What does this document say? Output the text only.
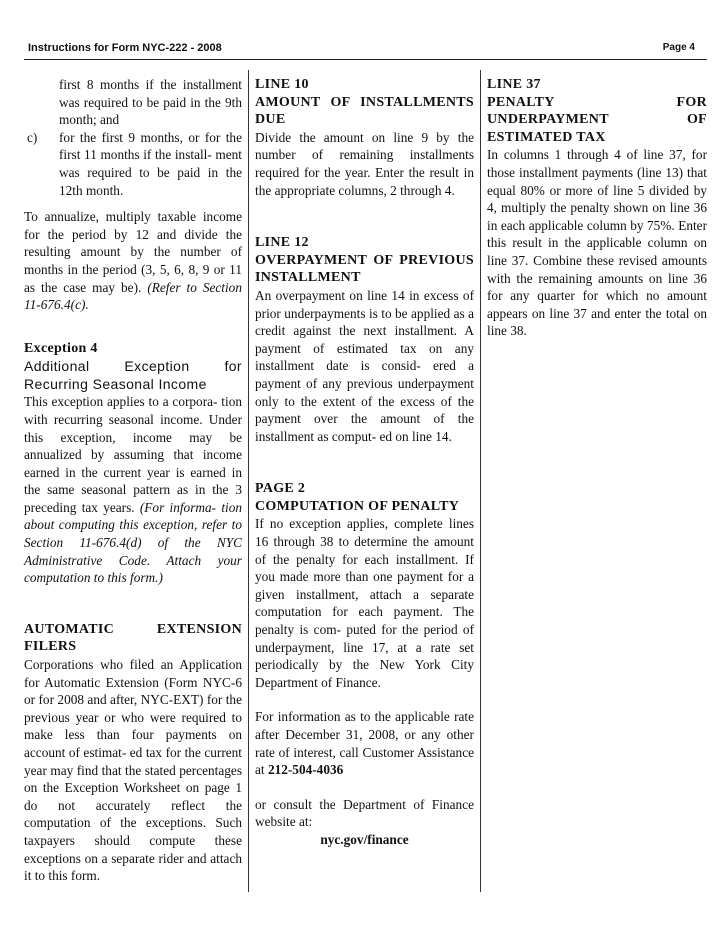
Instructions for Form NYC-222 - 2008	Page 4

first 8 months if the installment was required to be paid in the 9th month; and

c) for the first 9 months, or for the first 11 months if the install- ment was required to be paid in the 12th month.

To annualize, multiply taxable income for the period by 12 and divide the resulting amount by the number of months in the period (3, 5, 6, 8, 9 or 11 as the case may be). (Refer to Section 11-676.4(c).

Exception 4

Additional Exception for Recurring Seasonal Income

This exception applies to a corpora- tion with recurring seasonal income. Under this exception, income may be annualized by assuming that income earned in the current year is earned in the same seasonal pattern as in the 3 preceding tax years. (For informa- tion about computing this exception, refer to Section 11-676.4(d) of the NYC Administrative Code. Attach your computation to this form.)

AUTOMATIC EXTENSION FILERS

Corporations who filed an Application for Automatic Extension (Form NYC-6 or for 2008 and after, NYC-EXT) for the previous year or who were required to make less than four payments on account of estimat- ed tax for the current year may find that the stated percentages on the Exception Worksheet on page 1 do not accurately reflect the computation of the exceptions. Such taxpayers should compute these exceptions on a separate rider and attach it to this form.

LINE 10

AMOUNT OF INSTALLMENTS DUE

Divide the amount on line 9 by the number of remaining installments required for the year. Enter the result in the appropriate columns, 2 through 4.

LINE 12

OVERPAYMENT OF PREVIOUS INSTALLMENT

An overpayment on line 14 in excess of prior underpayments is to be applied as a credit against the next installment. A payment of estimated tax on any installment date is consid- ered a payment of any previous underpayment only to the extent of the excess of the payment over the amount of the installment as comput- ed on line 14.

PAGE 2

COMPUTATION OF PENALTY

If no exception applies, complete lines 16 through 38 to determine the amount of the penalty for each installment. If you made more than one payment for a given installment, attach a separate computation for each payment. The penalty is com- puted for the period of underpayment, line 17, at a rate set periodically by the New York City Department of Finance.

For information as to the applicable rate after December 31, 2008, or any other rate of interest, call Customer Assistance at 212-504-4036

or consult the Department of Finance website at:

nyc.gov/finance

LINE 37

PENALTY FOR UNDERPAYMENT OF ESTIMATED TAX

In columns 1 through 4 of line 37, for those installment payments (line 13) that equal 80% or more of line 5 divided by 4, multiply the penalty shown on line 36 in each applicable column by 75%. Enter this result in the applicable column on line 37. Combine these revised amounts with the remaining amounts on line 36 for any quarter for which no amount appears on line 37 and enter the total on line 38.
